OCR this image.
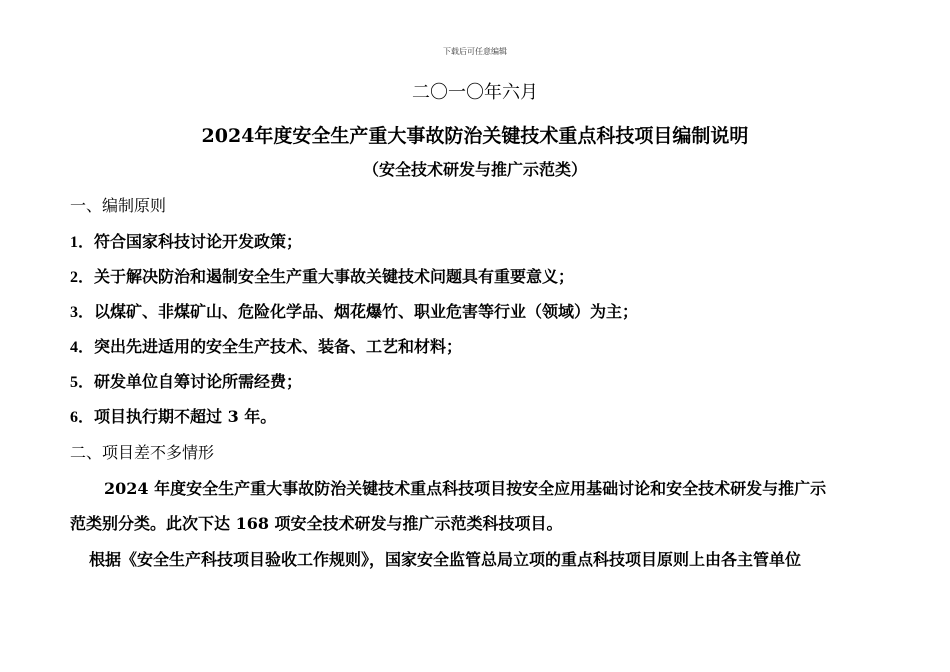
下载后可任意编辑
二〇一〇年六月
2024年度安全生产重大事故防治关键技术重点科技项目编制说明
（安全技术研发与推广示范类）
一、编制原则
1．符合国家科技讨论开发政策；
2．关于解决防治和遏制安全生产重大事故关键技术问题具有重要意义；
3．以煤矿、非煤矿山、危险化学品、烟花爆竹、职业危害等行业（领域）为主；
4．突出先进适用的安全生产技术、装备、工艺和材料；
5．研发单位自筹讨论所需经费；
6．项目执行期不超过 3 年。
二、项目差不多情形
2024 年度安全生产重大事故防治关键技术重点科技项目按安全应用基础讨论和安全技术研发与推广示
范类别分类。此次下达 168 项安全技术研发与推广示范类科技项目。
根据《安全生产科技项目验收工作规则》，国家安全监管总局立项的重点科技项目原则上由各主管单位
